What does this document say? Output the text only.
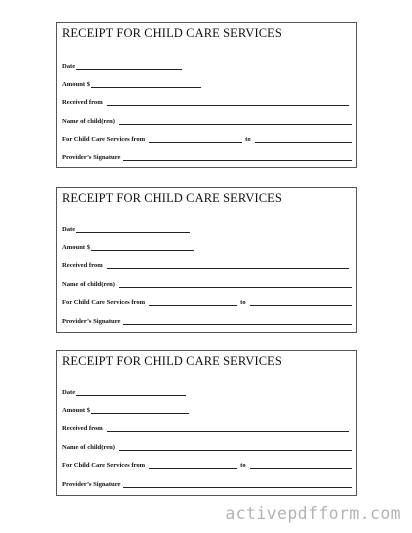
RECEIPT FOR CHILD CARE SERVICES
Date
Amount $
Received from
Name of child(ren)
For Child Care Services from	to
Provider’s Signature
RECEIPT FOR CHILD CARE SERVICES
Date
Amount $
Received from
Name of child(ren)
For Child Care Services from	to
Provider’s Signature
RECEIPT FOR CHILD CARE SERVICES
Date
Amount $
Received from
Name of child(ren)
For Child Care Services from	to
Provider’s Signature
activepdfform.com
